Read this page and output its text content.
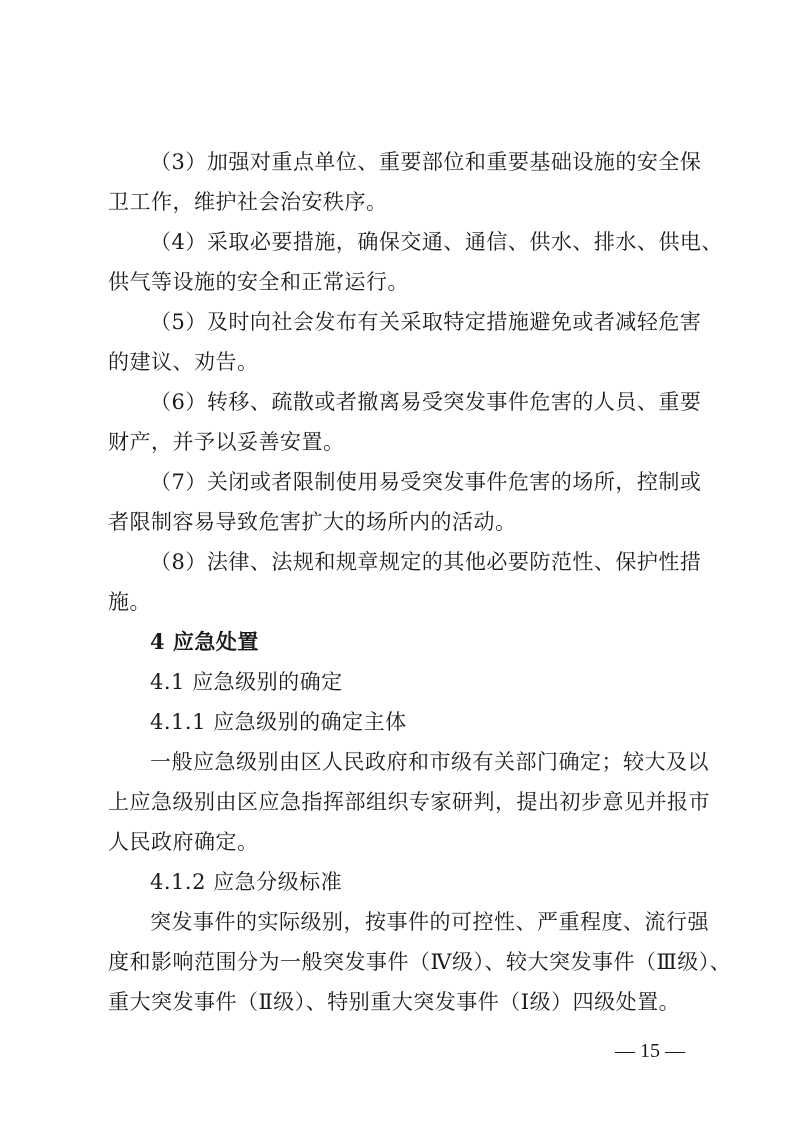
（3）加强对重点单位、重要部位和重要基础设施的安全保
卫工作，维护社会治安秩序。
（4）采取必要措施，确保交通、通信、供水、排水、供电、
供气等设施的安全和正常运行。
（5）及时向社会发布有关采取特定措施避免或者减轻危害
的建议、劝告。
（6）转移、疏散或者撤离易受突发事件危害的人员、重要
财产，并予以妥善安置。
（7）关闭或者限制使用易受突发事件危害的场所，控制或
者限制容易导致危害扩大的场所内的活动。
（8）法律、法规和规章规定的其他必要防范性、保护性措
施。
4 应急处置
4.1 应急级别的确定
4.1.1 应急级别的确定主体
一般应急级别由区人民政府和市级有关部门确定；较大及以
上应急级别由区应急指挥部组织专家研判，提出初步意见并报市
人民政府确定。
4.1.2 应急分级标准
突发事件的实际级别，按事件的可控性、严重程度、流行强
度和影响范围分为一般突发事件（Ⅳ级）、较大突发事件（Ⅲ级）、
重大突发事件（Ⅱ级）、特别重大突发事件（Ⅰ级）四级处置。
— 15 —
